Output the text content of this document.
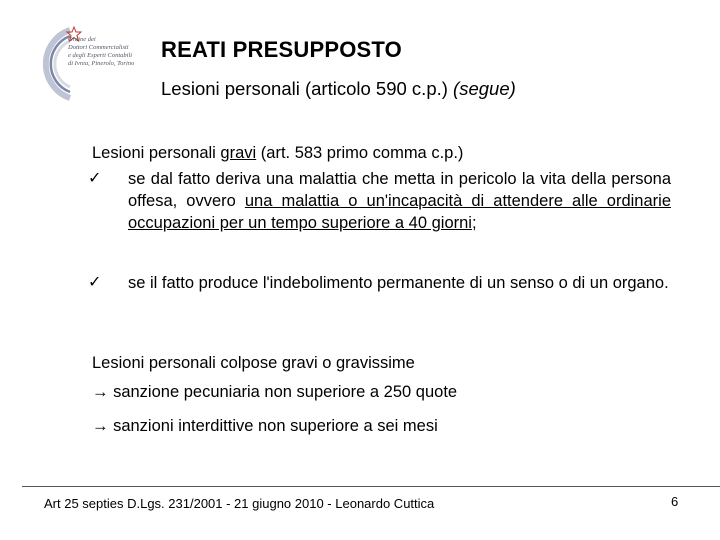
Ordine dei
Dottori Commercialisti
e degli Esperti Contabili
di Ivrea, Pinerolo, Torino
REATI PRESUPPOSTO
Lesioni personali (articolo 590 c.p.) (segue)
Lesioni personali gravi (art. 583 primo comma c.p.)
✓ se dal fatto deriva una malattia che metta in pericolo la vita della persona offesa, ovvero una malattia o un'incapacità di attendere alle ordinarie occupazioni per un tempo superiore a 40 giorni;
✓ se il fatto produce l'indebolimento permanente di un senso o di un organo.
Lesioni personali colpose gravi o gravissime
→ sanzione pecuniaria non superiore a 250 quote
→ sanzioni interdittive non superiore a sei mesi
Art 25 septies D.Lgs. 231/2001 - 21 giugno 2010 - Leonardo Cuttica	6
